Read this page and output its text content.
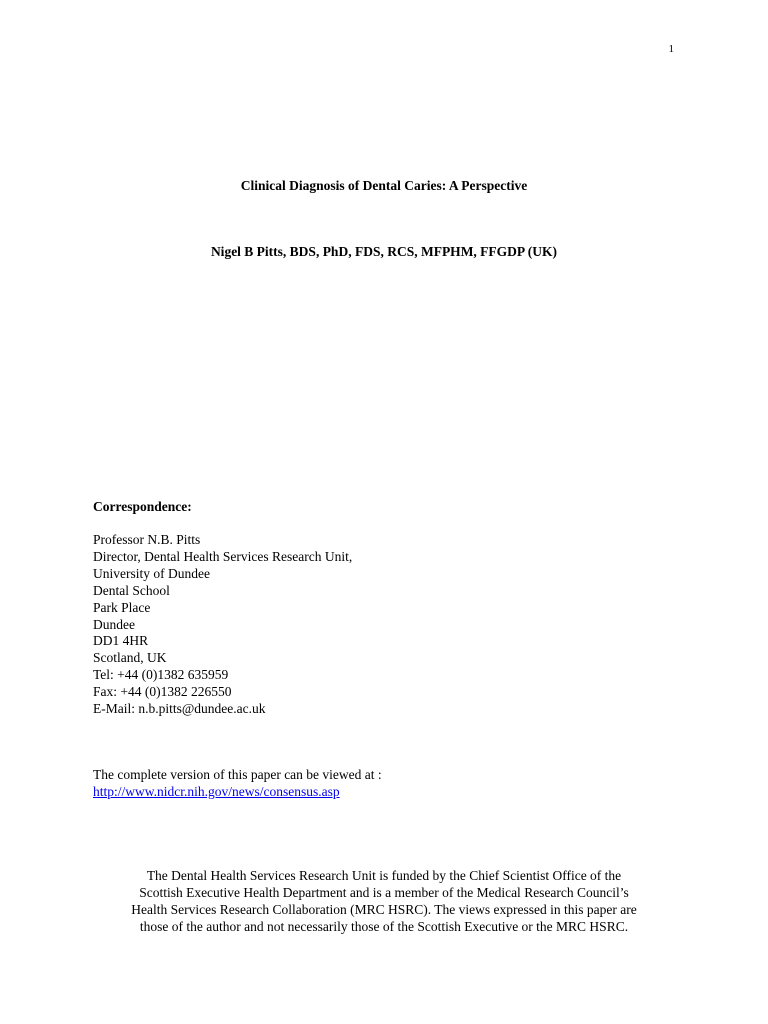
1
Clinical Diagnosis of Dental Caries: A Perspective
Nigel B Pitts, BDS, PhD, FDS, RCS, MFPHM, FFGDP (UK)
Correspondence:
Professor N.B. Pitts
Director, Dental Health Services Research Unit,
University of Dundee
Dental School
Park Place
Dundee
DD1 4HR
Scotland, UK
Tel: +44 (0)1382 635959
Fax: +44 (0)1382 226550
E-Mail: n.b.pitts@dundee.ac.uk
The complete version of this paper can be viewed at :
http://www.nidcr.nih.gov/news/consensus.asp
The Dental Health Services Research Unit is funded by the Chief Scientist Office of the
Scottish Executive Health Department and is a member of the Medical Research Council’s
Health Services Research Collaboration (MRC HSRC). The views expressed in this paper are
those of the author and not necessarily those of the Scottish Executive or the MRC HSRC.
